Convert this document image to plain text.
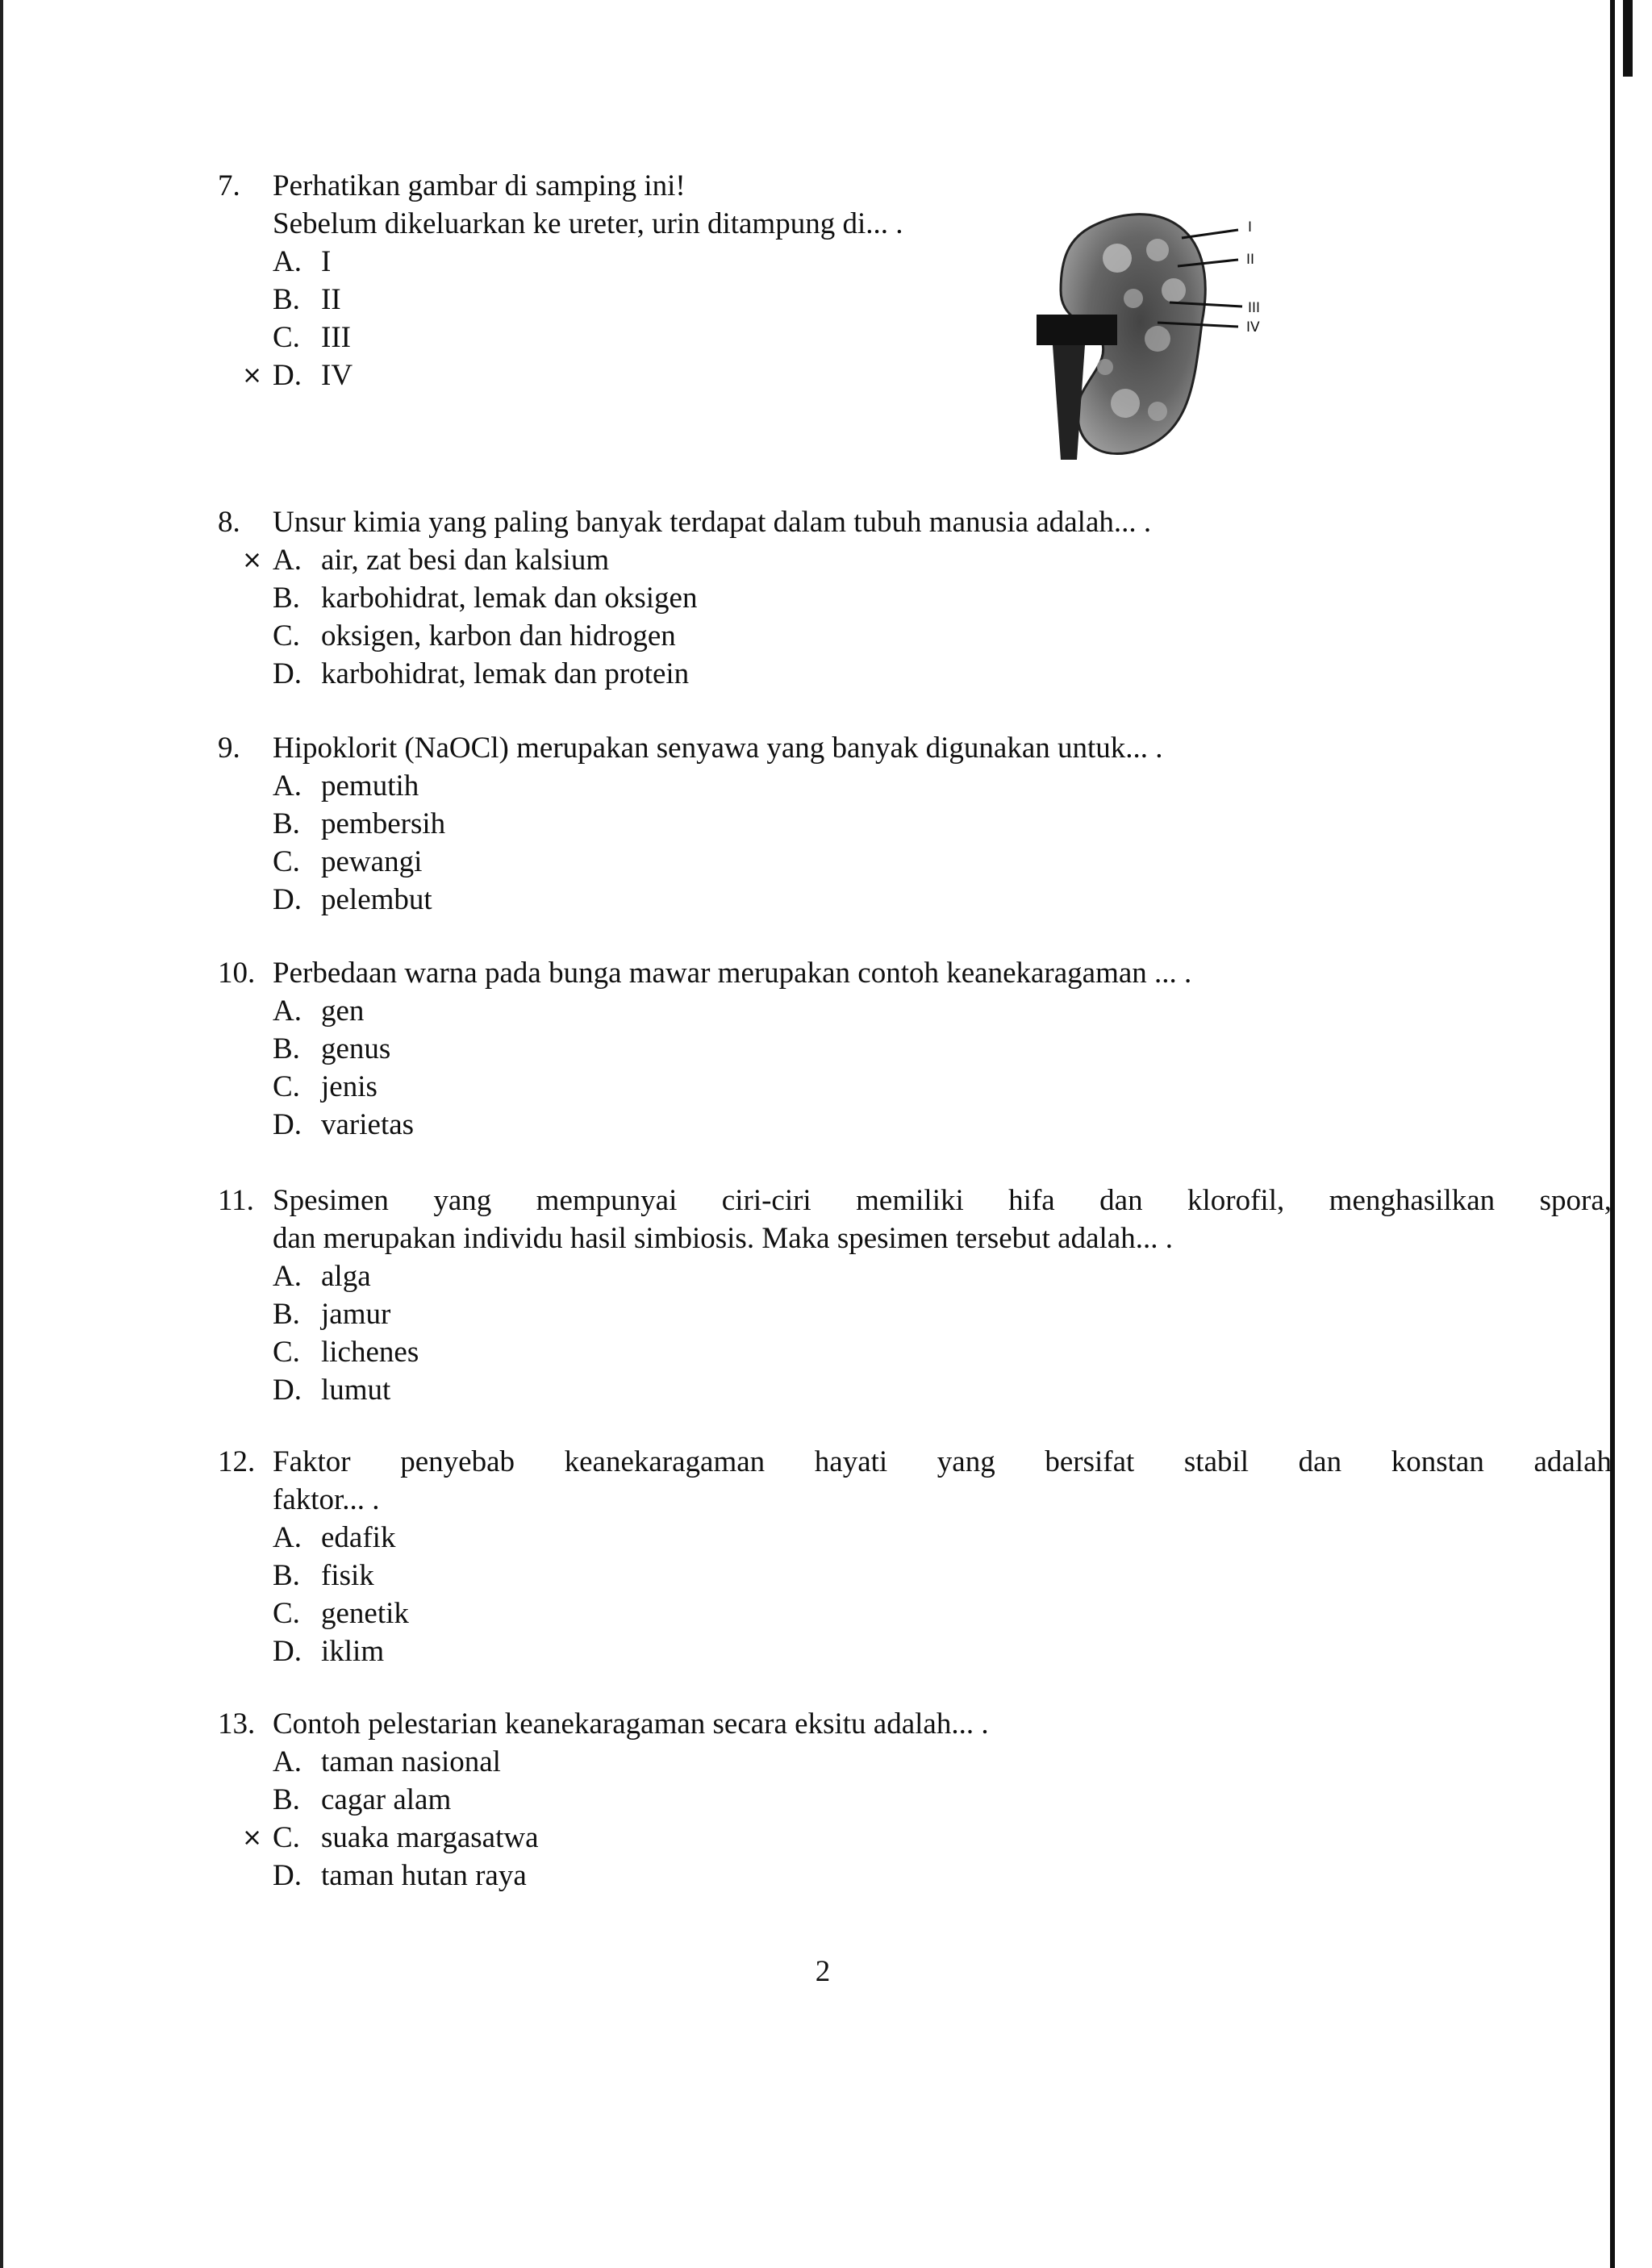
7. Perhatikan gambar di samping ini!
Sebelum dikeluarkan ke ureter, urin ditampung di... .
A. I
B. II
C. III
× D. IV
I
II
III
IV
8. Unsur kimia yang paling banyak terdapat dalam tubuh manusia adalah... .
× A. air, zat besi dan kalsium
B. karbohidrat, lemak dan oksigen
C. oksigen, karbon dan hidrogen
D. karbohidrat, lemak dan protein
9. Hipoklorit (NaOCl) merupakan senyawa yang banyak digunakan untuk... .
A. pemutih
B. pembersih
C. pewangi
D. pelembut
10. Perbedaan warna pada bunga mawar merupakan contoh keanekaragaman ... .
A. gen
B. genus
C. jenis
D. varietas
11. Spesimen yang mempunyai ciri-ciri memiliki hifa dan klorofil, menghasilkan spora,
dan merupakan individu hasil simbiosis. Maka spesimen tersebut adalah... .
A. alga
B. jamur
C. lichenes
D. lumut
12. Faktor penyebab keanekaragaman hayati yang bersifat stabil dan konstan adalah
faktor... .
A. edafik
B. fisik
C. genetik
D. iklim
13. Contoh pelestarian keanekaragaman secara eksitu adalah... .
A. taman nasional
B. cagar alam
× C. suaka margasatwa
D. taman hutan raya
2
